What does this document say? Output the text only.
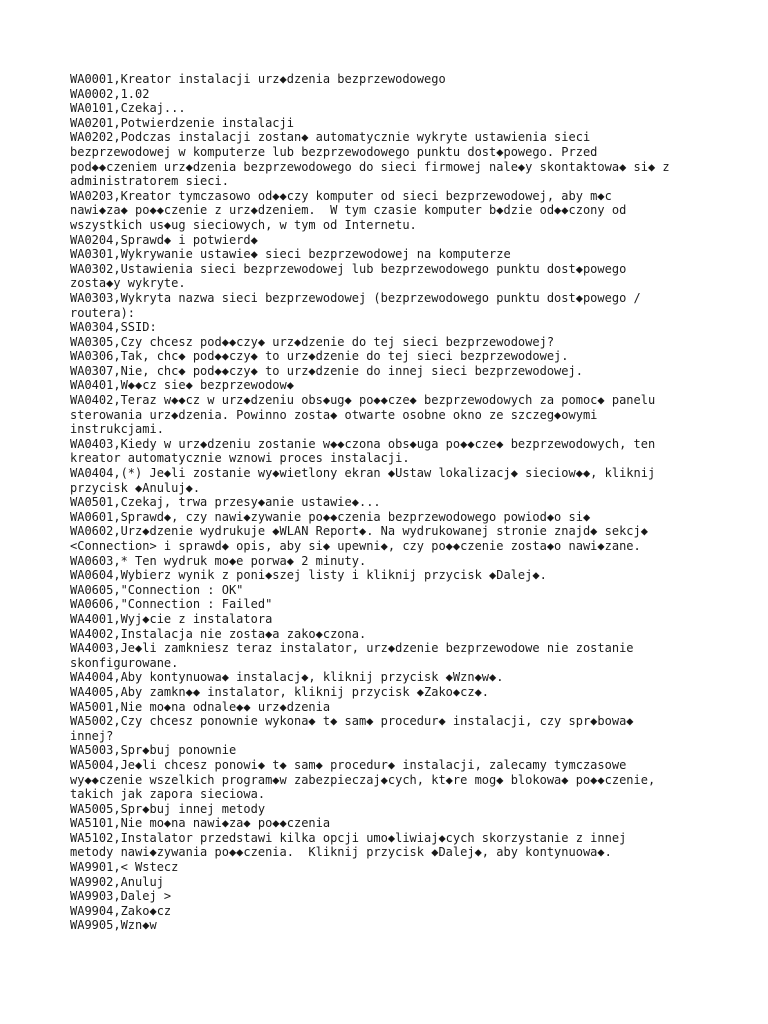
WA0001,Kreator instalacji urz◆dzenia bezprzewodowego
WA0002,1.02
WA0101,Czekaj...
WA0201,Potwierdzenie instalacji
WA0202,Podczas instalacji zostan◆ automatycznie wykryte ustawienia sieci
bezprzewodowej w komputerze lub bezprzewodowego punktu dost◆powego. Przed
pod◆◆czeniem urz◆dzenia bezprzewodowego do sieci firmowej nale◆y skontaktowa◆ si◆ z
administratorem sieci.
WA0203,Kreator tymczasowo od◆◆czy komputer od sieci bezprzewodowej, aby m◆c
nawi◆za◆ po◆◆czenie z urz◆dzeniem.  W tym czasie komputer b◆dzie od◆◆czony od
wszystkich us◆ug sieciowych, w tym od Internetu.
WA0204,Sprawd◆ i potwierd◆
WA0301,Wykrywanie ustawie◆ sieci bezprzewodowej na komputerze
WA0302,Ustawienia sieci bezprzewodowej lub bezprzewodowego punktu dost◆powego
zosta◆y wykryte.
WA0303,Wykryta nazwa sieci bezprzewodowej (bezprzewodowego punktu dost◆powego /
routera):
WA0304,SSID:
WA0305,Czy chcesz pod◆◆czy◆ urz◆dzenie do tej sieci bezprzewodowej?
WA0306,Tak, chc◆ pod◆◆czy◆ to urz◆dzenie do tej sieci bezprzewodowej.
WA0307,Nie, chc◆ pod◆◆czy◆ to urz◆dzenie do innej sieci bezprzewodowej.
WA0401,W◆◆cz sie◆ bezprzewodow◆
WA0402,Teraz w◆◆cz w urz◆dzeniu obs◆ug◆ po◆◆cze◆ bezprzewodowych za pomoc◆ panelu
sterowania urz◆dzenia. Powinno zosta◆ otwarte osobne okno ze szczeg◆owymi
instrukcjami.
WA0403,Kiedy w urz◆dzeniu zostanie w◆◆czona obs◆uga po◆◆cze◆ bezprzewodowych, ten
kreator automatycznie wznowi proces instalacji.
WA0404,(*) Je◆li zostanie wy◆wietlony ekran ◆Ustaw lokalizacj◆ sieciow◆◆, kliknij
przycisk ◆Anuluj◆.
WA0501,Czekaj, trwa przesy◆anie ustawie◆...
WA0601,Sprawd◆, czy nawi◆zywanie po◆◆czenia bezprzewodowego powiod◆o si◆
WA0602,Urz◆dzenie wydrukuje ◆WLAN Report◆. Na wydrukowanej stronie znajd◆ sekcj◆
<Connection> i sprawd◆ opis, aby si◆ upewni◆, czy po◆◆czenie zosta◆o nawi◆zane.
WA0603,* Ten wydruk mo◆e porwa◆ 2 minuty.
WA0604,Wybierz wynik z poni◆szej listy i kliknij przycisk ◆Dalej◆.
WA0605,"Connection : OK"
WA0606,"Connection : Failed"
WA4001,Wyj◆cie z instalatora
WA4002,Instalacja nie zosta◆a zako◆czona.
WA4003,Je◆li zamkniesz teraz instalator, urz◆dzenie bezprzewodowe nie zostanie
skonfigurowane.
WA4004,Aby kontynuowa◆ instalacj◆, kliknij przycisk ◆Wzn◆w◆.
WA4005,Aby zamkn◆◆ instalator, kliknij przycisk ◆Zako◆cz◆.
WA5001,Nie mo◆na odnale◆◆ urz◆dzenia
WA5002,Czy chcesz ponownie wykona◆ t◆ sam◆ procedur◆ instalacji, czy spr◆bowa◆
innej?
WA5003,Spr◆buj ponownie
WA5004,Je◆li chcesz ponowi◆ t◆ sam◆ procedur◆ instalacji, zalecamy tymczasowe
wy◆◆czenie wszelkich program◆w zabezpieczaj◆cych, kt◆re mog◆ blokowa◆ po◆◆czenie,
takich jak zapora sieciowa.
WA5005,Spr◆buj innej metody
WA5101,Nie mo◆na nawi◆za◆ po◆◆czenia
WA5102,Instalator przedstawi kilka opcji umo◆liwiaj◆cych skorzystanie z innej
metody nawi◆zywania po◆◆czenia.  Kliknij przycisk ◆Dalej◆, aby kontynuowa◆.
WA9901,< Wstecz
WA9902,Anuluj
WA9903,Dalej >
WA9904,Zako◆cz
WA9905,Wzn◆w
